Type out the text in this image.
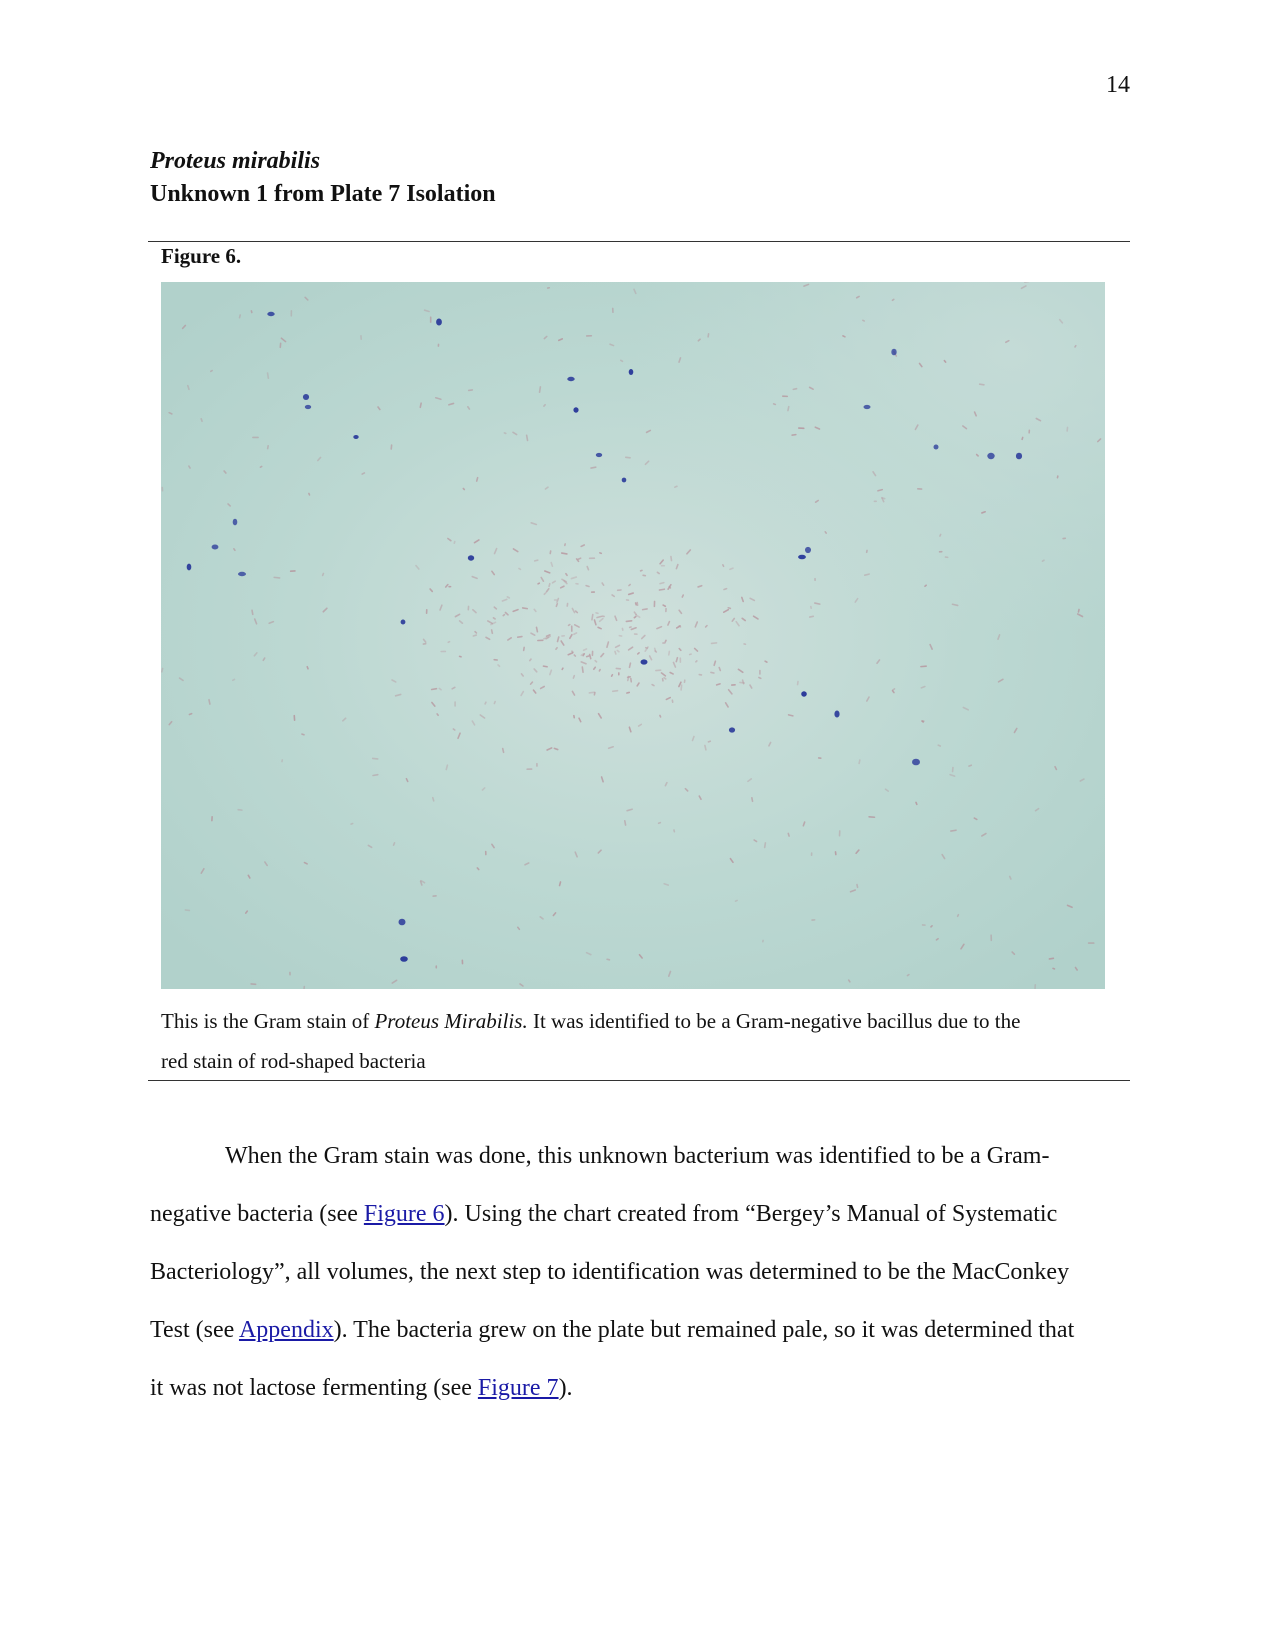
14
Proteus mirabilis
Unknown 1 from Plate 7 Isolation
Figure 6.

This is the Gram stain of Proteus Mirabilis. It was identified to be a Gram-negative bacillus due to the

red stain of rod-shaped bacteria

When the Gram stain was done, this unknown bacterium was identified to be a Gram-
negative bacteria (see Figure 6). Using the chart created from “Bergey’s Manual of Systematic
Bacteriology”, all volumes, the next step to identification was determined to be the MacConkey
Test (see Appendix). The bacteria grew on the plate but remained pale, so it was determined that
it was not lactose fermenting (see Figure 7).
